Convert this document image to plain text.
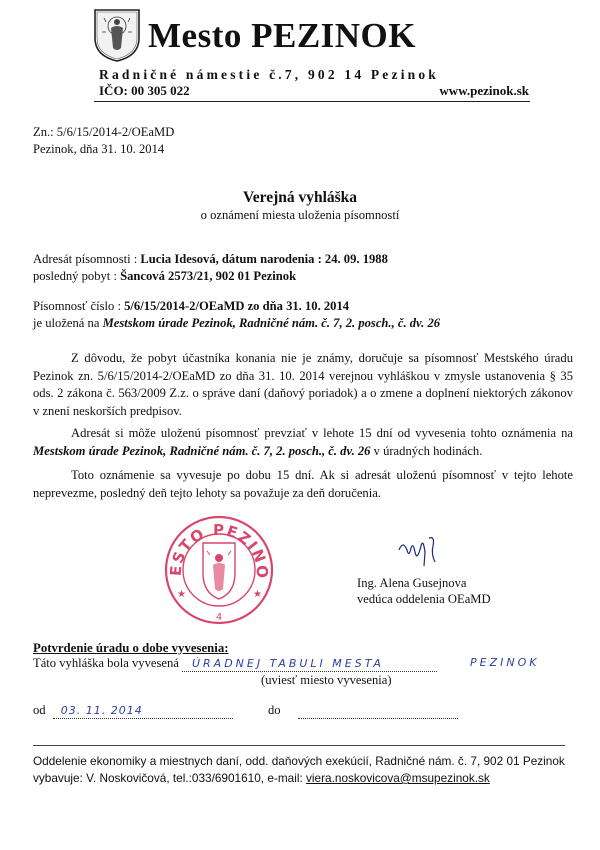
Mesto PEZINOK
Radničné námestie č.7, 902 14 Pezinok
IČO: 00 305 022	www.pezinok.sk
Zn.: 5/6/15/2014-2/OEaMD
Pezinok, dňa 31. 10. 2014
Verejná vyhláška
o oznámení miesta uloženia písomností
Adresát písomnosti : Lucia Idesová, dátum narodenia : 24. 09. 1988
posledný pobyt : Šancová 2573/21, 902 01 Pezinok
Písomnosť číslo : 5/6/15/2014-2/OEaMD zo dňa 31. 10. 2014
je uložená na Mestskom úrade Pezinok, Radničné nám. č. 7, 2. posch., č. dv. 26
Z dôvodu, že pobyt účastníka konania nie je známy, doručuje sa písomnosť Mestského úradu Pezinok zn. 5/6/15/2014-2/OEaMD zo dňa 31. 10. 2014 verejnou vyhláškou v zmysle ustanovenia § 35 ods. 2 zákona č. 563/2009 Z.z. o správe daní (daňový poriadok) a o zmene a doplnení niektorých zákonov v znení neskorších predpisov.
Adresát si môže uloženú písomnosť prevziať v lehote 15 dní od vyvesenia tohto oznámenia na Mestskom úrade Pezinok, Radničné nám. č. 7, 2. posch., č. dv. 26 v úradných hodinách.
Toto oznámenie sa vyvesuje po dobu 15 dní. Ak si adresát uloženú písomnosť v tejto lehote neprevezme, posledný deň tejto lehoty sa považuje za deň doručenia.
ESTO PEZINO
4
★	★
Ing. Alena Gusejnova
vedúca oddelenia OEaMD
Potvrdenie úradu o dobe vyvesenia:
Táto vyhláška bola vyvesená ÚRADNEJ TABULI MESTA	PEZINOK
(uviesť miesto vyvesenia)
od 03. 11. 2014	do
Oddelenie ekonomiky a miestnych daní, odd. daňových exekúcií, Radničné nám. č. 7, 902 01 Pezinok
vybavuje: V. Noskovičová, tel.:033/6901610, e-mail: viera.noskovicova@msupezinok.sk
